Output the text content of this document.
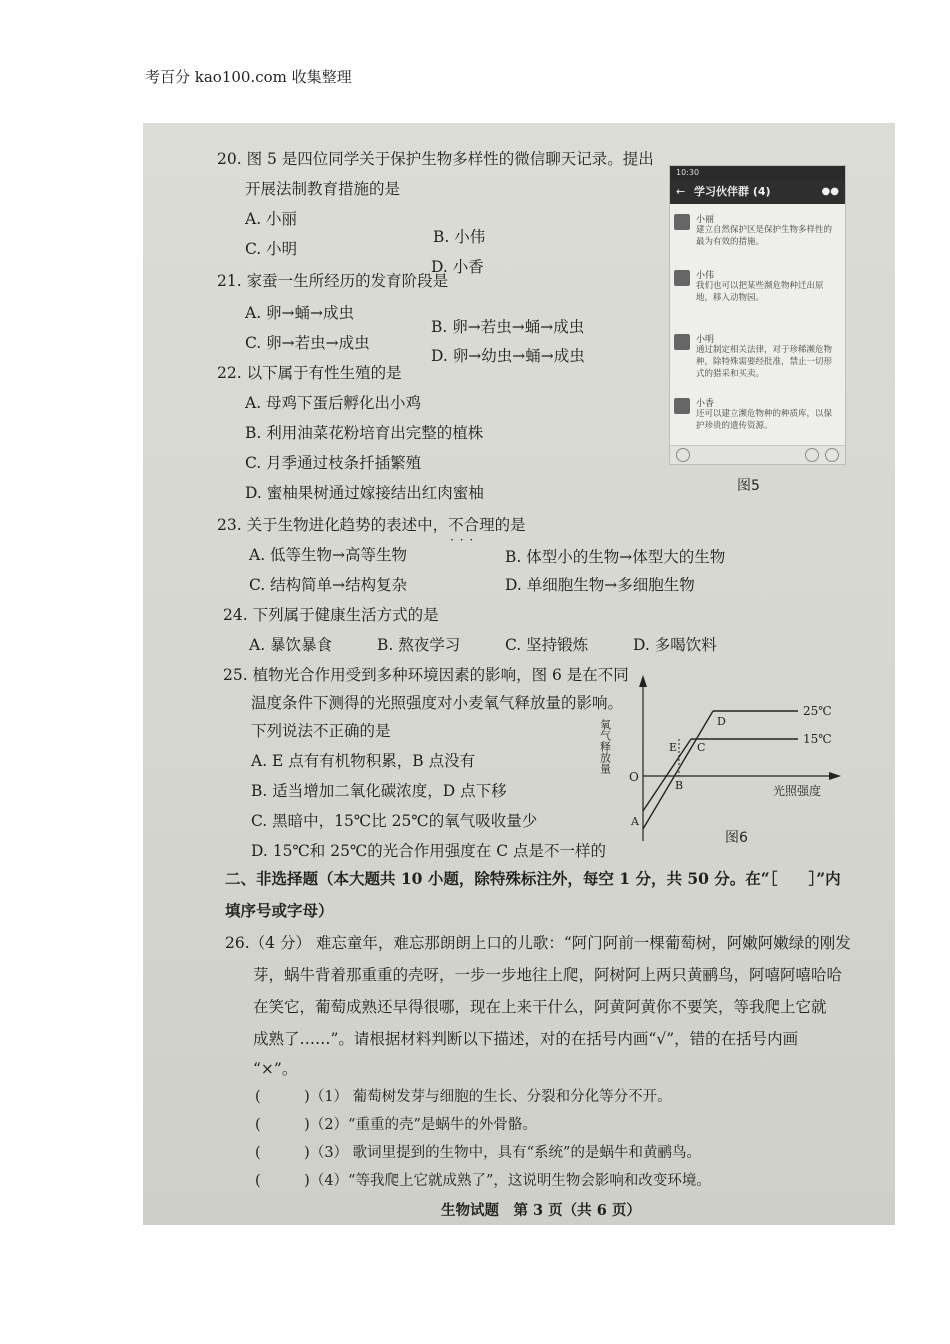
考百分 kao100.com 收集整理
20. 图 5 是四位同学关于保护生物多样性的微信聊天记录。提出
开展法制教育措施的是
A. 小丽
B. 小伟
C. 小明
D. 小香
10:30
← 学习伙伴群 (4)	●●
小丽
建立自然保护区是保护生物多样性的最为有效的措施。
小伟
我们也可以把某些濒危物种迁出原地，移入动物园。
小明
通过制定相关法律，对于珍稀濒危物种，除特殊需要经批准，禁止一切形式的猎采和买卖。
小香
还可以建立濒危物种的种质库，以保护珍贵的遗传资源。
图5
21. 家蚕一生所经历的发育阶段是
A. 卵→蛹→成虫
B. 卵→若虫→蛹→成虫
C. 卵→若虫→成虫
D. 卵→幼虫→蛹→成虫
22. 以下属于有性生殖的是
A. 母鸡下蛋后孵化出小鸡
B. 利用油菜花粉培育出完整的植株
C. 月季通过枝条扦插繁殖
D. 蜜柚果树通过嫁接结出红肉蜜柚
23. 关于生物进化趋势的表述中，不合理 · · ·的是
A. 低等生物→高等生物	B. 体型小的生物→体型大的生物
C. 结构简单→结构复杂	D. 单细胞生物→多细胞生物
24. 下列属于健康生活方式的是
A. 暴饮暴食	B. 熬夜学习	C. 坚持锻炼	D. 多喝饮料
25. 植物光合作用受到多种环境因素的影响，图 6 是在不同
温度条件下测得的光照强度对小麦氧气释放量的影响。
下列说法不正确的是
A. E 点有有机物积累，B 点没有
B. 适当增加二氧化碳浓度，D 点下移
C. 黑暗中，15℃比 25℃的氧气吸收量少
D. 15℃和 25℃的光合作用强度在 C 点是不一样的
氧气释放量
O
光照强度
25℃
15℃
A
B
C
D
E
图6
二、非选择题（本大题共 10 小题，除特殊标注外，每空 1 分，共 50 分。在“［　　］”内
填序号或字母）
26.（4 分） 难忘童年，难忘那朗朗上口的儿歌：“阿门阿前一棵葡萄树，阿嫩阿嫩绿的刚发
芽，蜗牛背着那重重的壳呀，一步一步地往上爬，阿树阿上两只黄鹂鸟，阿嘻阿嘻哈哈
在笑它，葡萄成熟还早得很哪，现在上来干什么，阿黄阿黄你不要笑，等我爬上它就
成熟了……”。请根据材料判断以下描述，对的在括号内画“√”，错的在括号内画
“×”。
(　　　)（1） 葡萄树发芽与细胞的生长、分裂和分化等分不开。
(　　　)（2）“重重的壳”是蜗牛的外骨骼。
(　　　)（3） 歌词里提到的生物中，具有“系统”的是蜗牛和黄鹂鸟。
(　　　)（4）“等我爬上它就成熟了”，这说明生物会影响和改变环境。
生物试题　第 3 页（共 6 页）
